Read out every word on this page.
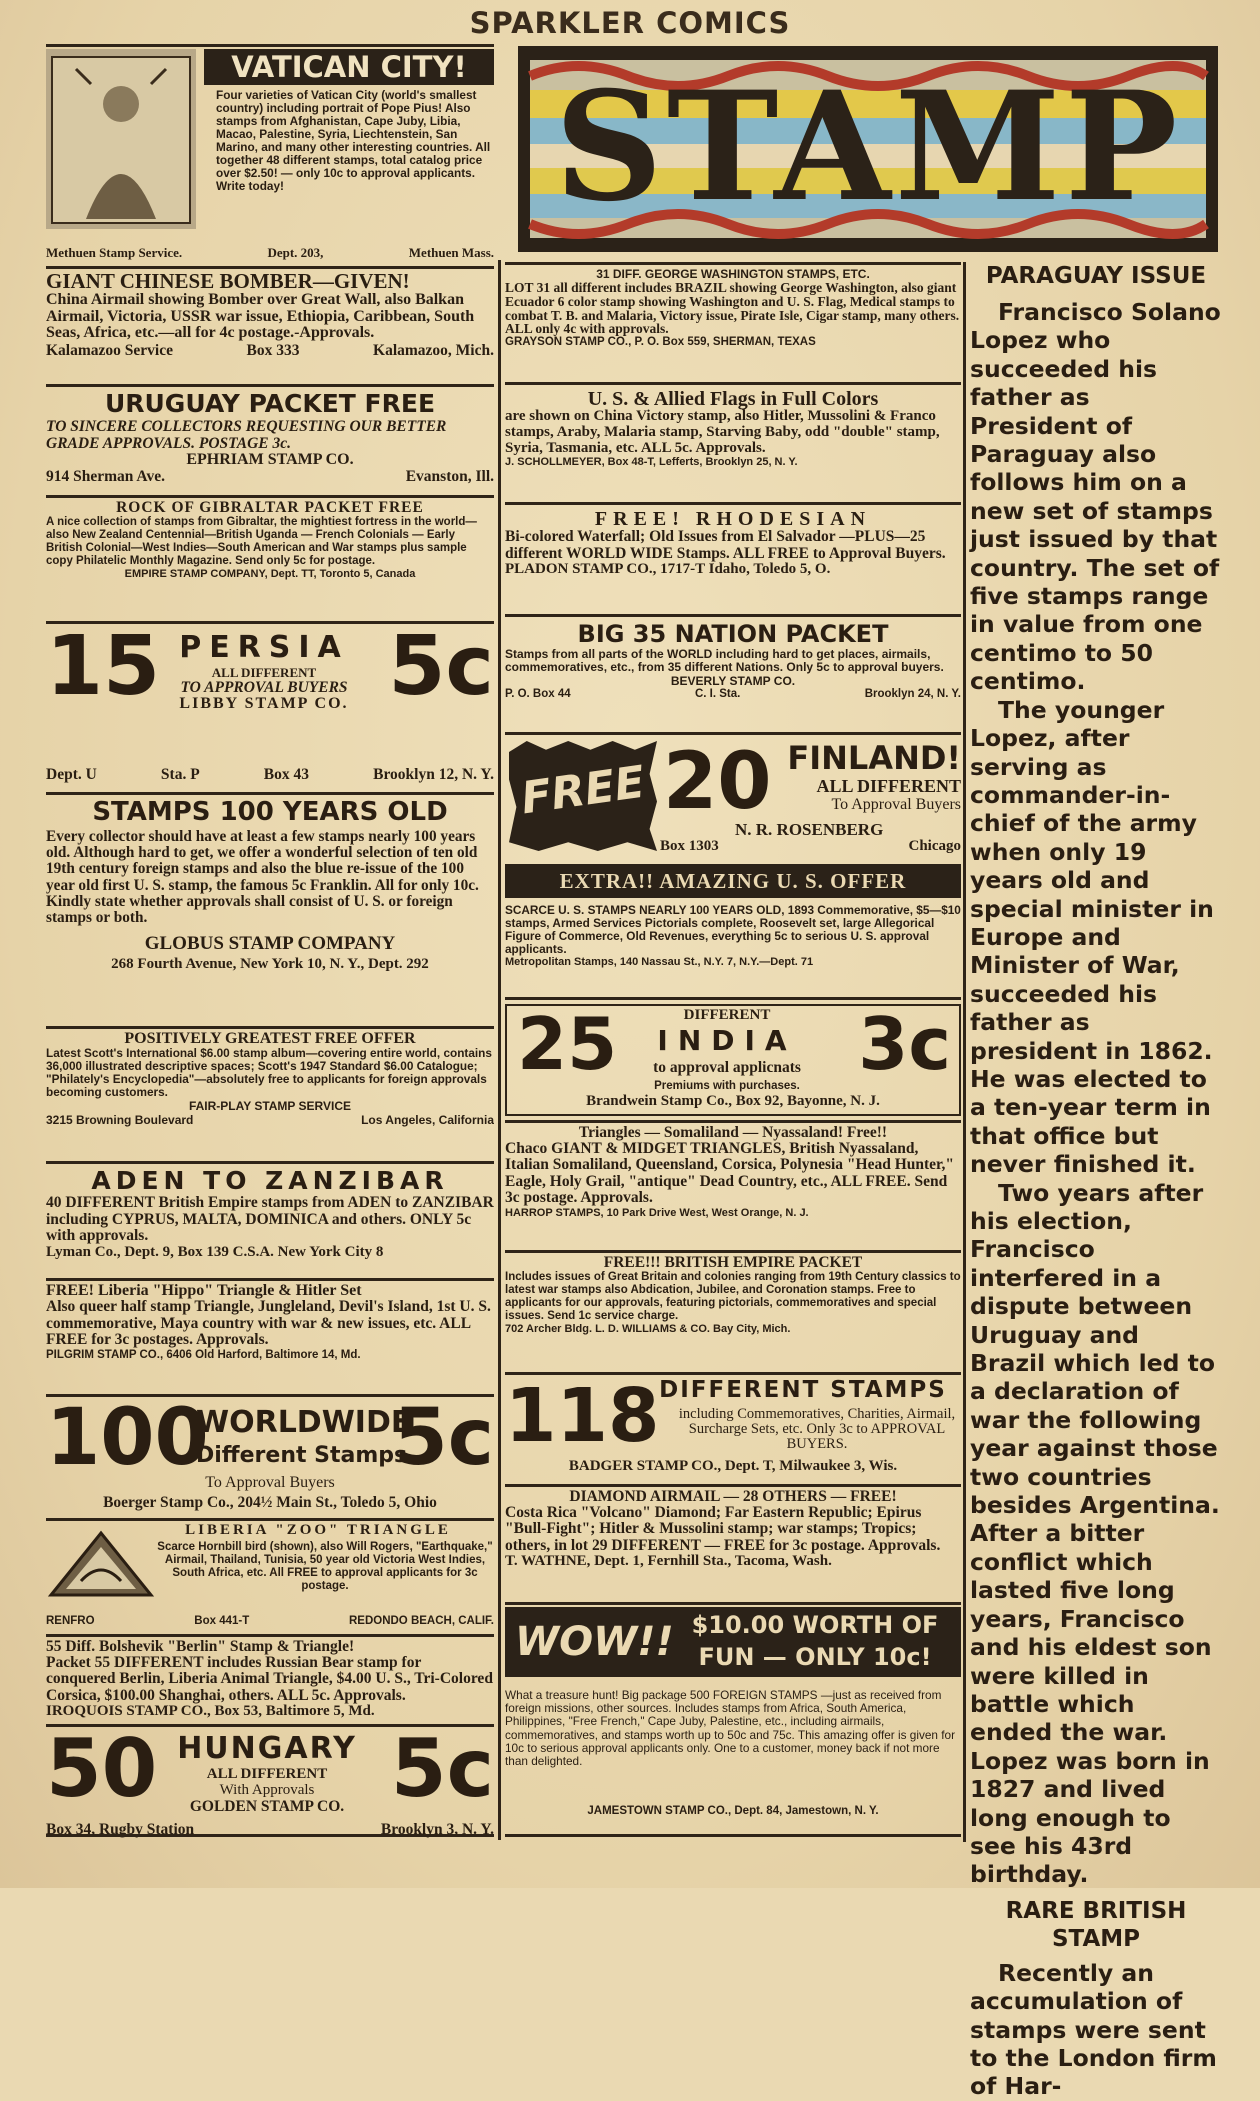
SPARKLER COMICS
VATICAN CITY!
Four varieties of Vatican City (world's smallest country) including portrait of Pope Pius! Also stamps from Afghanistan, Cape Juby, Libia, Macao, Palestine, Syria, Liechtenstein, San Marino, and many other interesting countries. All together 48 different stamps, total catalog price over $2.50! — only 10c to approval applicants. Write today!
Methuen Stamp Service.	Dept. 203,	Methuen Mass.
GIANT CHINESE BOMBER—GIVEN!
China Airmail showing Bomber over Great Wall, also Balkan Airmail, Victoria, USSR war issue, Ethiopia, Caribbean, South Seas, Africa, etc.—all for 4c postage.-Approvals.
Kalamazoo Service	Box 333	Kalamazoo, Mich.
URUGUAY PACKET FREE
TO SINCERE COLLECTORS REQUESTING OUR BETTER GRADE APPROVALS. POSTAGE 3c.
EPHRIAM STAMP CO.
914 Sherman Ave.	Evanston, Ill.
ROCK OF GIBRALTAR PACKET FREE
A nice collection of stamps from Gibraltar, the mightiest fortress in the world—also New Zealand Centennial—British Uganda — French Colonials — Early British Colonial—West Indies—South American and War stamps plus sample copy Philatelic Monthly Magazine. Send only 5c for postage.
EMPIRE STAMP COMPANY, Dept. TT, Toronto 5, Canada
15 PERSIA
ALL DIFFERENT
TO APPROVAL BUYERS
LIBBY STAMP CO. 5c
Dept. U	Sta. P	Box 43	Brooklyn 12, N. Y.
STAMPS 100 YEARS OLD
Every collector should have at least a few stamps nearly 100 years old. Although hard to get, we offer a wonderful selection of ten old 19th century foreign stamps and also the blue re-issue of the 100 year old first U. S. stamp, the famous 5c Franklin. All for only 10c. Kindly state whether approvals shall consist of U. S. or foreign stamps or both.
GLOBUS STAMP COMPANY
268 Fourth Avenue, New York 10, N. Y., Dept. 292
POSITIVELY GREATEST FREE OFFER
Latest Scott's International $6.00 stamp album—covering entire world, contains 36,000 illustrated descriptive spaces; Scott's 1947 Standard $6.00 Catalogue; "Philately's Encyclopedia"—absolutely free to applicants for foreign approvals becoming customers.
FAIR-PLAY STAMP SERVICE
3215 Browning Boulevard	Los Angeles, California
ADEN TO ZANZIBAR
40 DIFFERENT British Empire stamps from ADEN to ZANZIBAR including CYPRUS, MALTA, DOMINICA and others. ONLY 5c with approvals.
Lyman Co., Dept. 9, Box 139 C.S.A. New York City 8
FREE! Liberia "Hippo" Triangle & Hitler Set
Also queer half stamp Triangle, Jungleland, Devil's Island, 1st U. S. commemorative, Maya country with war & new issues, etc. ALL FREE for 3c postages. Approvals.
PILGRIM STAMP CO., 6406 Old Harford, Baltimore 14, Md.
100
WORLDWIDE
Different Stamps
5c
To Approval Buyers
Boerger Stamp Co., 204½ Main St., Toledo 5, Ohio
LIBERIA "ZOO" TRIANGLE
Scarce Hornbill bird (shown), also Will Rogers, "Earthquake," Airmail, Thailand, Tunisia, 50 year old Victoria West Indies, South Africa, etc. All FREE to approval applicants for 3c postage.
RENFRO	Box 441-T	REDONDO BEACH, CALIF.
55 Diff. Bolshevik "Berlin" Stamp & Triangle!
Packet 55 DIFFERENT includes Russian Bear stamp for conquered Berlin, Liberia Animal Triangle, $4.00 U. S., Tri-Colored Corsica, $100.00 Shanghai, others. ALL 5c. Approvals.
IROQUOIS STAMP CO., Box 53, Baltimore 5, Md.
50 HUNGARY
ALL DIFFERENT
With Approvals
GOLDEN STAMP CO. 5c
Box 34, Rugby Station	Brooklyn 3, N. Y.
STAMP
31 DIFF. GEORGE WASHINGTON STAMPS, ETC.
LOT 31 all different includes BRAZIL showing George Washington, also giant Ecuador 6 color stamp showing Washington and U. S. Flag, Medical stamps to combat T. B. and Malaria, Victory issue, Pirate Isle, Cigar stamp, many others. ALL only 4c with approvals.
GRAYSON STAMP CO., P. O. Box 559, SHERMAN, TEXAS
U. S. & Allied Flags in Full Colors
are shown on China Victory stamp, also Hitler, Mussolini & Franco stamps, Araby, Malaria stamp, Starving Baby, odd "double" stamp, Syria, Tasmania, etc. ALL 5c. Approvals.
J. SCHOLLMEYER, Box 48-T, Lefferts, Brooklyn 25, N. Y.
FREE! RHODESIAN
Bi-colored Waterfall; Old Issues from El Salvador —PLUS—25 different WORLD WIDE Stamps. ALL FREE to Approval Buyers.
PLADON STAMP CO., 1717-T Idaho, Toledo 5, O.
BIG 35 NATION PACKET
Stamps from all parts of the WORLD including hard to get places, airmails, commemoratives, etc., from 35 different Nations. Only 5c to approval buyers.
BEVERLY STAMP CO.
P. O. Box 44	C. I. Sta.	Brooklyn 24, N. Y.
FREE 20 FINLAND!
ALL DIFFERENT
To Approval Buyers
N. R. ROSENBERG
Box 1303	Chicago
EXTRA!! AMAZING U. S. OFFER
SCARCE U. S. STAMPS NEARLY 100 YEARS OLD, 1893 Commemorative, $5—$10 stamps, Armed Services Pictorials complete, Roosevelt set, large Allegorical Figure of Commerce, Old Revenues, everything 5c to serious U. S. approval applicants.
Metropolitan Stamps, 140 Nassau St., N.Y. 7, N.Y.—Dept. 71
25	DIFFERENT
INDIA
to approval applicnats
Premiums with purchases. 3c
Brandwein Stamp Co., Box 92, Bayonne, N. J.
Triangles — Somaliland — Nyassaland! Free!!
Chaco GIANT & MIDGET TRIANGLES, British Nyassaland, Italian Somaliland, Queensland, Corsica, Polynesia "Head Hunter," Eagle, Holy Grail, "antique" Dead Country, etc., ALL FREE. Send 3c postage. Approvals.
HARROP STAMPS, 10 Park Drive West, West Orange, N. J.
FREE!!! BRITISH EMPIRE PACKET
Includes issues of Great Britain and colonies ranging from 19th Century classics to latest war stamps also Abdication, Jubilee, and Coronation stamps. Free to applicants for our approvals, featuring pictorials, commemoratives and special issues. Send 1c service charge.
702 Archer Bldg. L. D. WILLIAMS & CO. Bay City, Mich.
118 DIFFERENT STAMPS
including Commemoratives, Charities, Airmail, Surcharge Sets, etc. Only 3c to APPROVAL BUYERS.
BADGER STAMP CO., Dept. T, Milwaukee 3, Wis.
DIAMOND AIRMAIL — 28 OTHERS — FREE!
Costa Rica "Volcano" Diamond; Far Eastern Republic; Epirus "Bull-Fight"; Hitler & Mussolini stamp; war stamps; Tropics; others, in lot 29 DIFFERENT — FREE for 3c postage. Approvals.
T. WATHNE, Dept. 1, Fernhill Sta., Tacoma, Wash.
WOW!! $10.00 WORTH OF
FUN — ONLY 10c!
What a treasure hunt! Big package 500 FOREIGN STAMPS —just as received from foreign missions, other sources. Includes stamps from Africa, South America, Philippines, "Free French," Cape Juby, Palestine, etc., including airmails, commemoratives, and stamps worth up to 50c and 75c. This amazing offer is given for 10c to serious approval applicants only. One to a customer, money back if not more than delighted.
JAMESTOWN STAMP CO., Dept. 84, Jamestown, N. Y.
PARAGUAY ISSUE

Francisco Solano Lopez who succeeded his father as President of Paraguay also follows him on a new set of stamps just issued by that country. The set of five stamps range in value from one centimo to 50 centimo.

The younger Lopez, after serving as commander-in-chief of the army when only 19 years old and special minister in Europe and Minister of War, succeeded his father as president in 1862. He was elected to a ten-year term in that office but never finished it.

Two years after his election, Francisco interfered in a dispute between Uruguay and Brazil which led to a declaration of war the following year against those two countries besides Argentina. After a bitter conflict which lasted five long years, Francisco and his eldest son were killed in battle which ended the war. Lopez was born in 1827 and lived long enough to see his 43rd birthday.

RARE BRITISH STAMP

Recently an accumulation of stamps were sent to the London firm of Har-
